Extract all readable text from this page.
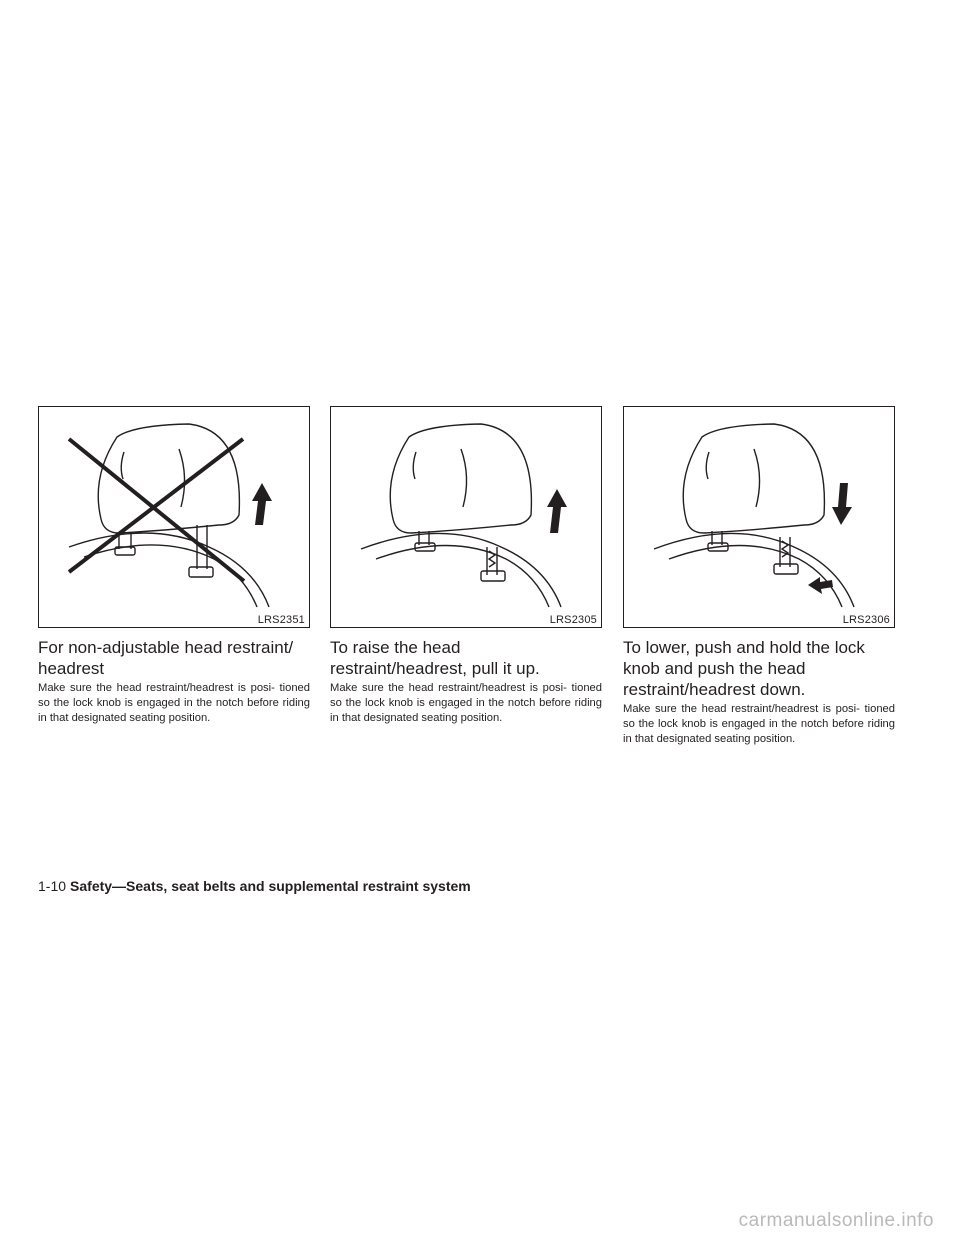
LRS2351
For non-adjustable head restraint/ headrest

Make sure the head restraint/headrest is posi- tioned so the lock knob is engaged in the notch before riding in that designated seating position.

LRS2305
To raise the head restraint/headrest, pull it up.

Make sure the head restraint/headrest is posi- tioned so the lock knob is engaged in the notch before riding in that designated seating position.

LRS2306
To lower, push and hold the lock knob and push the head restraint/headrest down.

Make sure the head restraint/headrest is posi- tioned so the lock knob is engaged in the notch before riding in that designated seating position.

1-10 Safety—Seats, seat belts and supplemental restraint system
carmanualsonline.info
